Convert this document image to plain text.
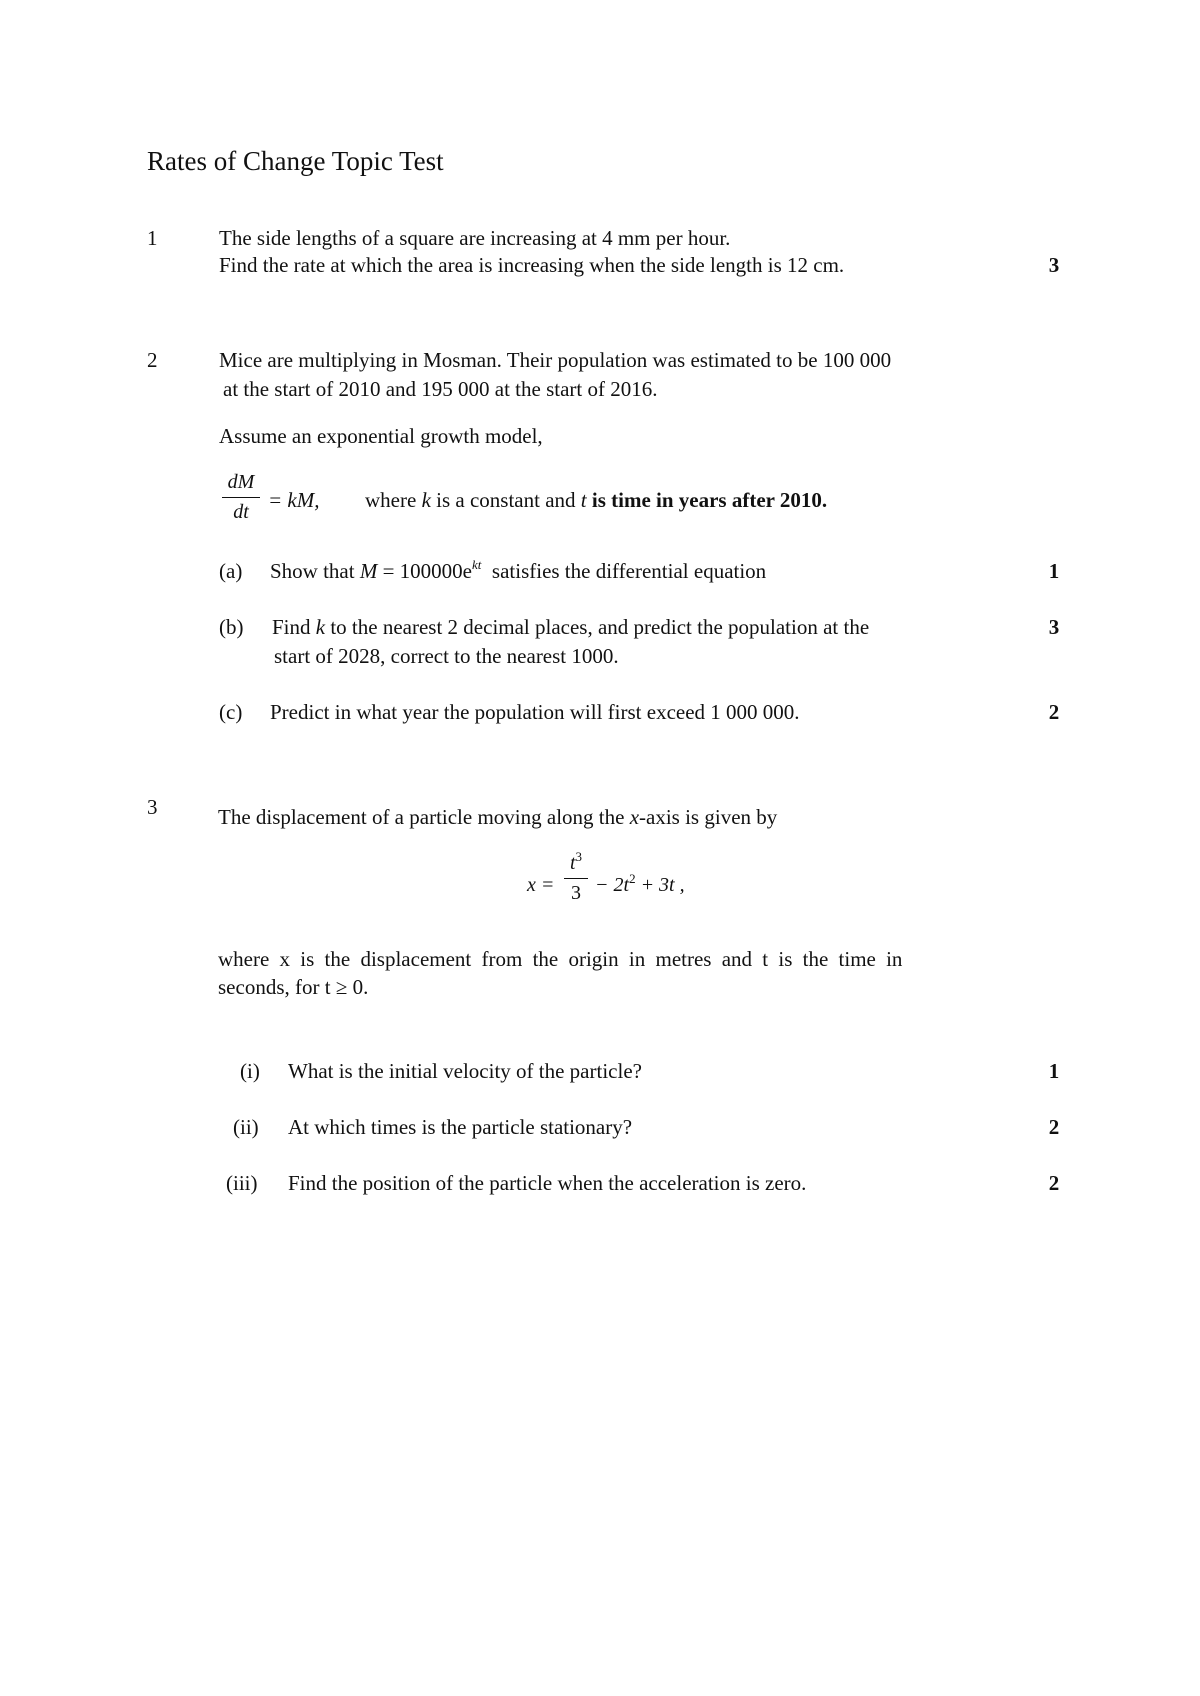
Rates of Change Topic Test
1	The side lengths of a square are increasing at 4 mm per hour.
Find the rate at which the area is increasing when the side length is 12 cm.	3
2	Mice are multiplying in Mosman. Their population was estimated to be 100 000
at the start of 2010 and 195 000 at the start of 2016.
Assume an exponential growth model,
dM
dt
= kM, where k is a constant and t is time in years after 2010.
(a) Show that $M = 100000e^{kt}$ satisfies the differential equation	1
(b) Find k to the nearest 2 decimal places, and predict the population at the
start of 2028, correct to the nearest 1000.
3
(c) Predict in what year the population will first exceed 1 000 000.	2
3	The displacement of a particle moving along the x-axis is given by
x =
$t^3$
$3 - 2t^2 + 3t$ ,
where x is the displacement from the origin in metres and t is the time in
seconds, for t ≥ 0.
(i) What is the initial velocity of the particle?	1
(ii) At which times is the particle stationary?	2
(iii) Find the position of the particle when the acceleration is zero.	2
